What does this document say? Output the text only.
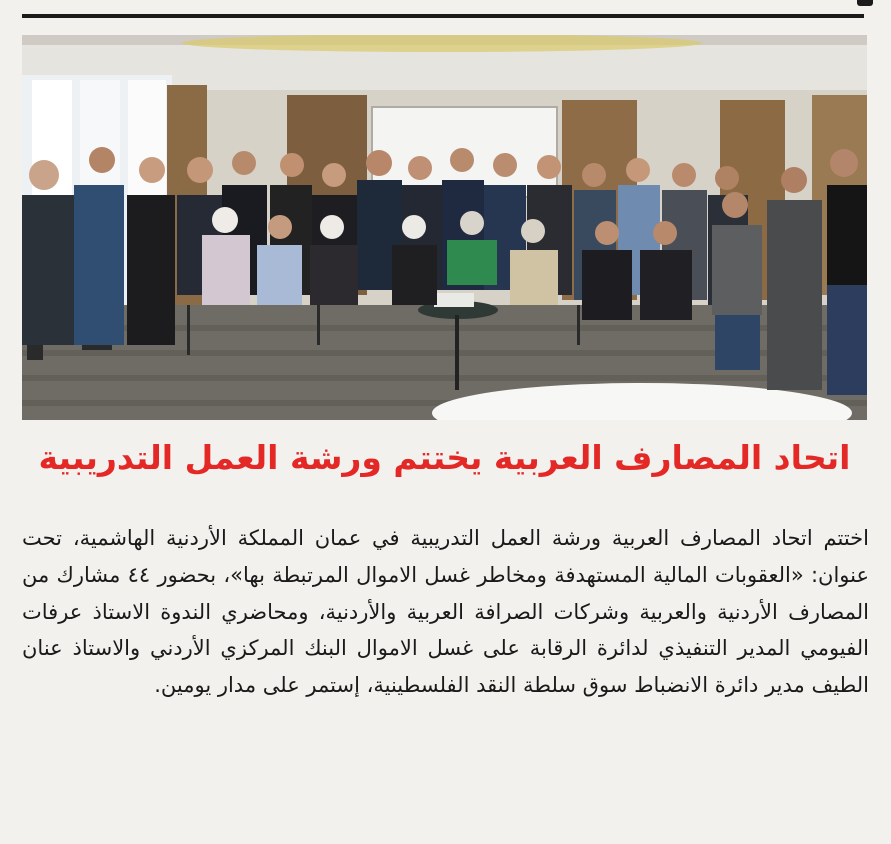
اتحاد المصارف العربية يختتم ورشة العمل التدريبية

اختتم اتحاد المصارف العربية ورشة العمل التدريبية في عمان المملكة الأردنية الهاشمية، تحت عنوان: «العقوبات المالية المستهدفة ومخاطر غسل الاموال المرتبطة بها»، بحضور ٤٤ مشارك من المصارف الأردنية والعربية وشركات الصرافة العربية والأردنية، ومحاضري الندوة الاستاذ عرفات الفيومي المدير التنفيذي لدائرة الرقابة على غسل الاموال البنك المركزي الأردني والاستاذ عنان الطيف مدير دائرة الانضباط سوق سلطة النقد الفلسطينية، إستمر على مدار يومين.
